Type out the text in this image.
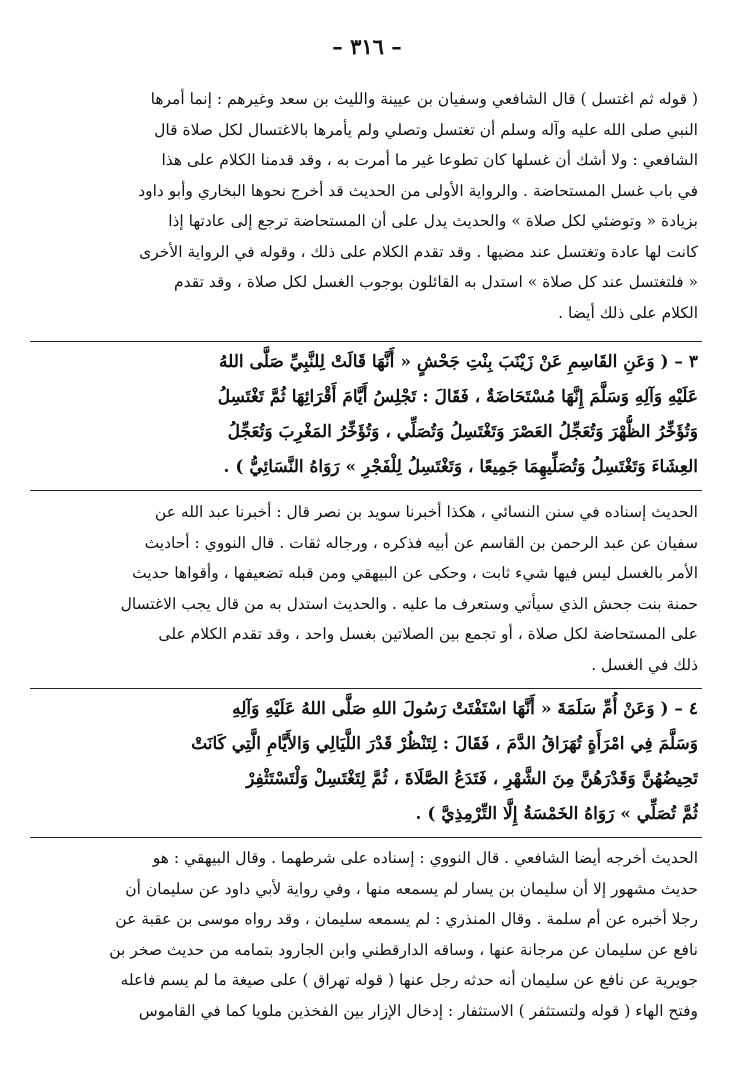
– ٣١٦ –
( قوله ثم اغتسل ) قال الشافعي وسفيان بن عيينة والليث بن سعد وغيرهم : إنما أمرها
النبي صلى الله عليه وآله وسلم أن تغتسل وتصلي ولم يأمرها بالاغتسال لكل صلاة قال
الشافعي : ولا أشك أن غسلها كان تطوعا غير ما أمرت به ، وقد قدمنا الكلام على هذا
في باب غسل المستحاضة . والرواية الأولى من الحديث قد أخرج نحوها البخاري وأبو داود
بزيادة « وتوضئي لكل صلاة » والحديث يدل على أن المستحاضة ترجع إلى عادتها إذا
كانت لها عادة وتغتسل عند مضيها . وقد تقدم الكلام على ذلك ، وقوله في الرواية الأخرى
« فلتغتسل عند كل صلاة » استدل به القائلون بوجوب الغسل لكل صلاة ، وقد تقدم
الكلام على ذلك أيضا .
٣ – ( وَعَنِ القَاسِمِ عَنْ زَيْنَبَ بِنْتِ جَحْشٍ « أَنَّهَا قَالَتْ لِلنَّبِيِّ صَلَّى اللهُ
عَلَيْهِ وَآلِهِ وَسَلَّمَ إِنَّهَا مُسْتَحَاضَةٌ ، فَقَالَ : تَجْلِسُ أَيَّامَ أَقْرَائِهَا ثُمَّ تَغْتَسِلُ
وَتُؤَخِّرُ الظُّهْرَ وَتُعَجِّلُ العَصْرَ وَتَغْتَسِلُ وَتُصَلِّي ، وَتُؤَخِّرُ المَغْرِبَ وَتُعَجِّلُ
العِشَاءَ وَتَغْتَسِلُ وَتُصَلِّيهِمَا جَمِيعًا ، وَتَغْتَسِلُ لِلْفَجْرِ » رَوَاهُ النَّسَائِيُّ ) .
الحديث إسناده في سنن النسائي ، هكذا أخبرنا سويد بن نصر قال : أخبرنا عبد الله عن
سفيان عن عبد الرحمن بن القاسم عن أبيه فذكره ، ورجاله ثقات . قال النووي : أحاديث
الأمر بالغسل ليس فيها شيء ثابت ، وحكى عن البيهقي ومن قبله تضعيفها ، وأقواها حديث
حمنة بنت جحش الذي سيأتي وستعرف ما عليه . والحديث استدل به من قال يجب الاغتسال
على المستحاضة لكل صلاة ، أو تجمع بين الصلاتين بغسل واحد ، وقد تقدم الكلام على
ذلك في الغسل .
٤ – ( وَعَنْ أُمِّ سَلَمَةَ « أَنَّهَا اسْتَفْتَتْ رَسُولَ اللهِ صَلَّى اللهُ عَلَيْهِ وَآلِهِ
وَسَلَّمَ فِي امْرَأَةٍ تُهَرَاقُ الدَّمَ ، فَقَالَ : لِتَنْظُرْ قَدْرَ اللَّيَالِي وَالأَيَّامِ الَّتِي كَانَتْ
تَحِيضُهُنَّ وَقَدْرَهُنَّ مِنَ الشَّهْرِ ، فَتَدَعُ الصَّلَاةَ ، ثُمَّ لِتَغْتَسِلْ وَلْتَسْتَثْفِرْ
ثُمَّ تُصَلِّي » رَوَاهُ الخَمْسَةُ إِلَّا التِّرْمِذِيَّ ) .
الحديث أخرجه أيضا الشافعي . قال النووي : إسناده على شرطهما . وقال البيهقي : هو
حديث مشهور إلا أن سليمان بن يسار لم يسمعه منها ، وفي رواية لأبي داود عن سليمان أن
رجلا أخبره عن أم سلمة . وقال المنذري : لم يسمعه سليمان ، وقد رواه موسى بن عقبة عن
نافع عن سليمان عن مرجانة عنها ، وساقه الدارقطني وابن الجارود بتمامه من حديث صخر بن
جويرية عن نافع عن سليمان أنه حدثه رجل عنها ( قوله تهراق ) على صيغة ما لم يسم فاعله
وفتح الهاء ( قوله ولتستثفر ) الاستثفار : إدخال الإزار بين الفخذين ملويا كما في القاموس
